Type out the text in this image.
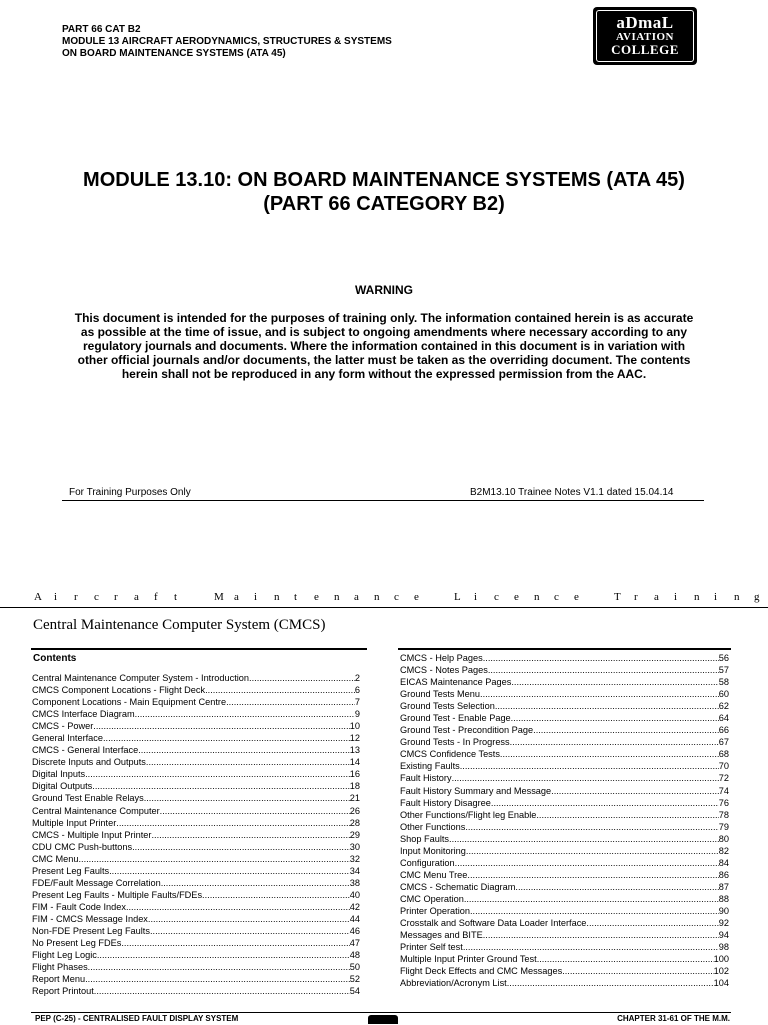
PART 66 CAT B2
MODULE 13 AIRCRAFT AERODYNAMICS, STRUCTURES & SYSTEMS
ON BOARD MAINTENANCE SYSTEMS (ATA 45)
aDmaL
AVIATION
COLLEGE
MODULE 13.10: ON BOARD MAINTENANCE SYSTEMS (ATA 45)
(PART 66 CATEGORY B2)
WARNING
This document is intended for the purposes of training only. The information contained herein is as accurate as possible at the time of issue, and is subject to ongoing amendments where necessary according to any regulatory journals and documents. Where the information contained in this document is in variation with other official journals and/or documents, the latter must be taken as the overriding document. The contents herein shall not be reproduced in any form without the expressed permission from the AAC.
For Training Purposes Only	B2M13.10 Trainee Notes V1.1 dated 15.04.14
A	i	r	c	r	a	f	t
	M a	i	n	t	e	n	a	n	c	e
	L	i	c	e	n	c	e
	T	r	a	i	n	i	n	g
Central Maintenance Computer System (CMCS)
Contents
Central Maintenance Computer System - Introduction .....	2
CMCS Component Locations - Flight Deck .....	6
Component Locations - Main Equipment Centre .....	7
CMCS Interface Diagram .....	9
CMCS - Power .....	10
General Interface .....	12
CMCS - General Interface .....	13
Discrete Inputs and Outputs .....	14
Digital Inputs .....	16
Digital Outputs .....	18
Ground Test Enable Relays .....	21
Central Maintenance Computer .....	26
Multiple Input Printer .....	28
CMCS - Multiple Input Printer .....	29
CDU CMC Push-buttons .....	30
CMC Menu .....	32
Present Leg Faults .....	34
FDE/Fault Message Correlation .....	38
Present Leg Faults - Multiple Faults/FDEs .....	40
FIM - Fault Code Index .....	42
FIM - CMCS Message Index .....	44
Non-FDE Present Leg Faults .....	46
No Present Leg FDEs .....	47
Flight Leg Logic .....	48
Flight Phases .....	50
Report Menu .....	52
Report Printout .....	54
CMCS - Help Pages .....	56
CMCS - Notes Pages .....	57
EICAS Maintenance Pages .....	58
Ground Tests Menu .....	60
Ground Tests Selection .....	62
Ground Test - Enable Page .....	64
Ground Test - Precondition Page .....	66
Ground Tests - In Progress .....	67
CMCS Confidence Tests .....	68
Existing Faults .....	70
Fault History .....	72
Fault History Summary and Message .....	74
Fault History Disagree .....	76
Other Functions/Flight leg Enable .....	78
Other Functions .....	79
Shop Faults .....	80
Input Monitoring .....	82
Configuration .....	84
CMC Menu Tree .....	86
CMCS - Schematic Diagram .....	87
CMC Operation .....	88
Printer Operation .....	90
Crosstalk and Software Data Loader Interface .....	92
Messages and BITE .....	94
Printer Self test .....	98
Multiple Input Printer Ground Test .....	100
Flight Deck Effects and CMC Messages .....	102
Abbreviation/Acronym List .....	104
PEP (C-25) - CENTRALISED FAULT DISPLAY SYSTEM	CHAPTER 31-61 OF THE M.M.
